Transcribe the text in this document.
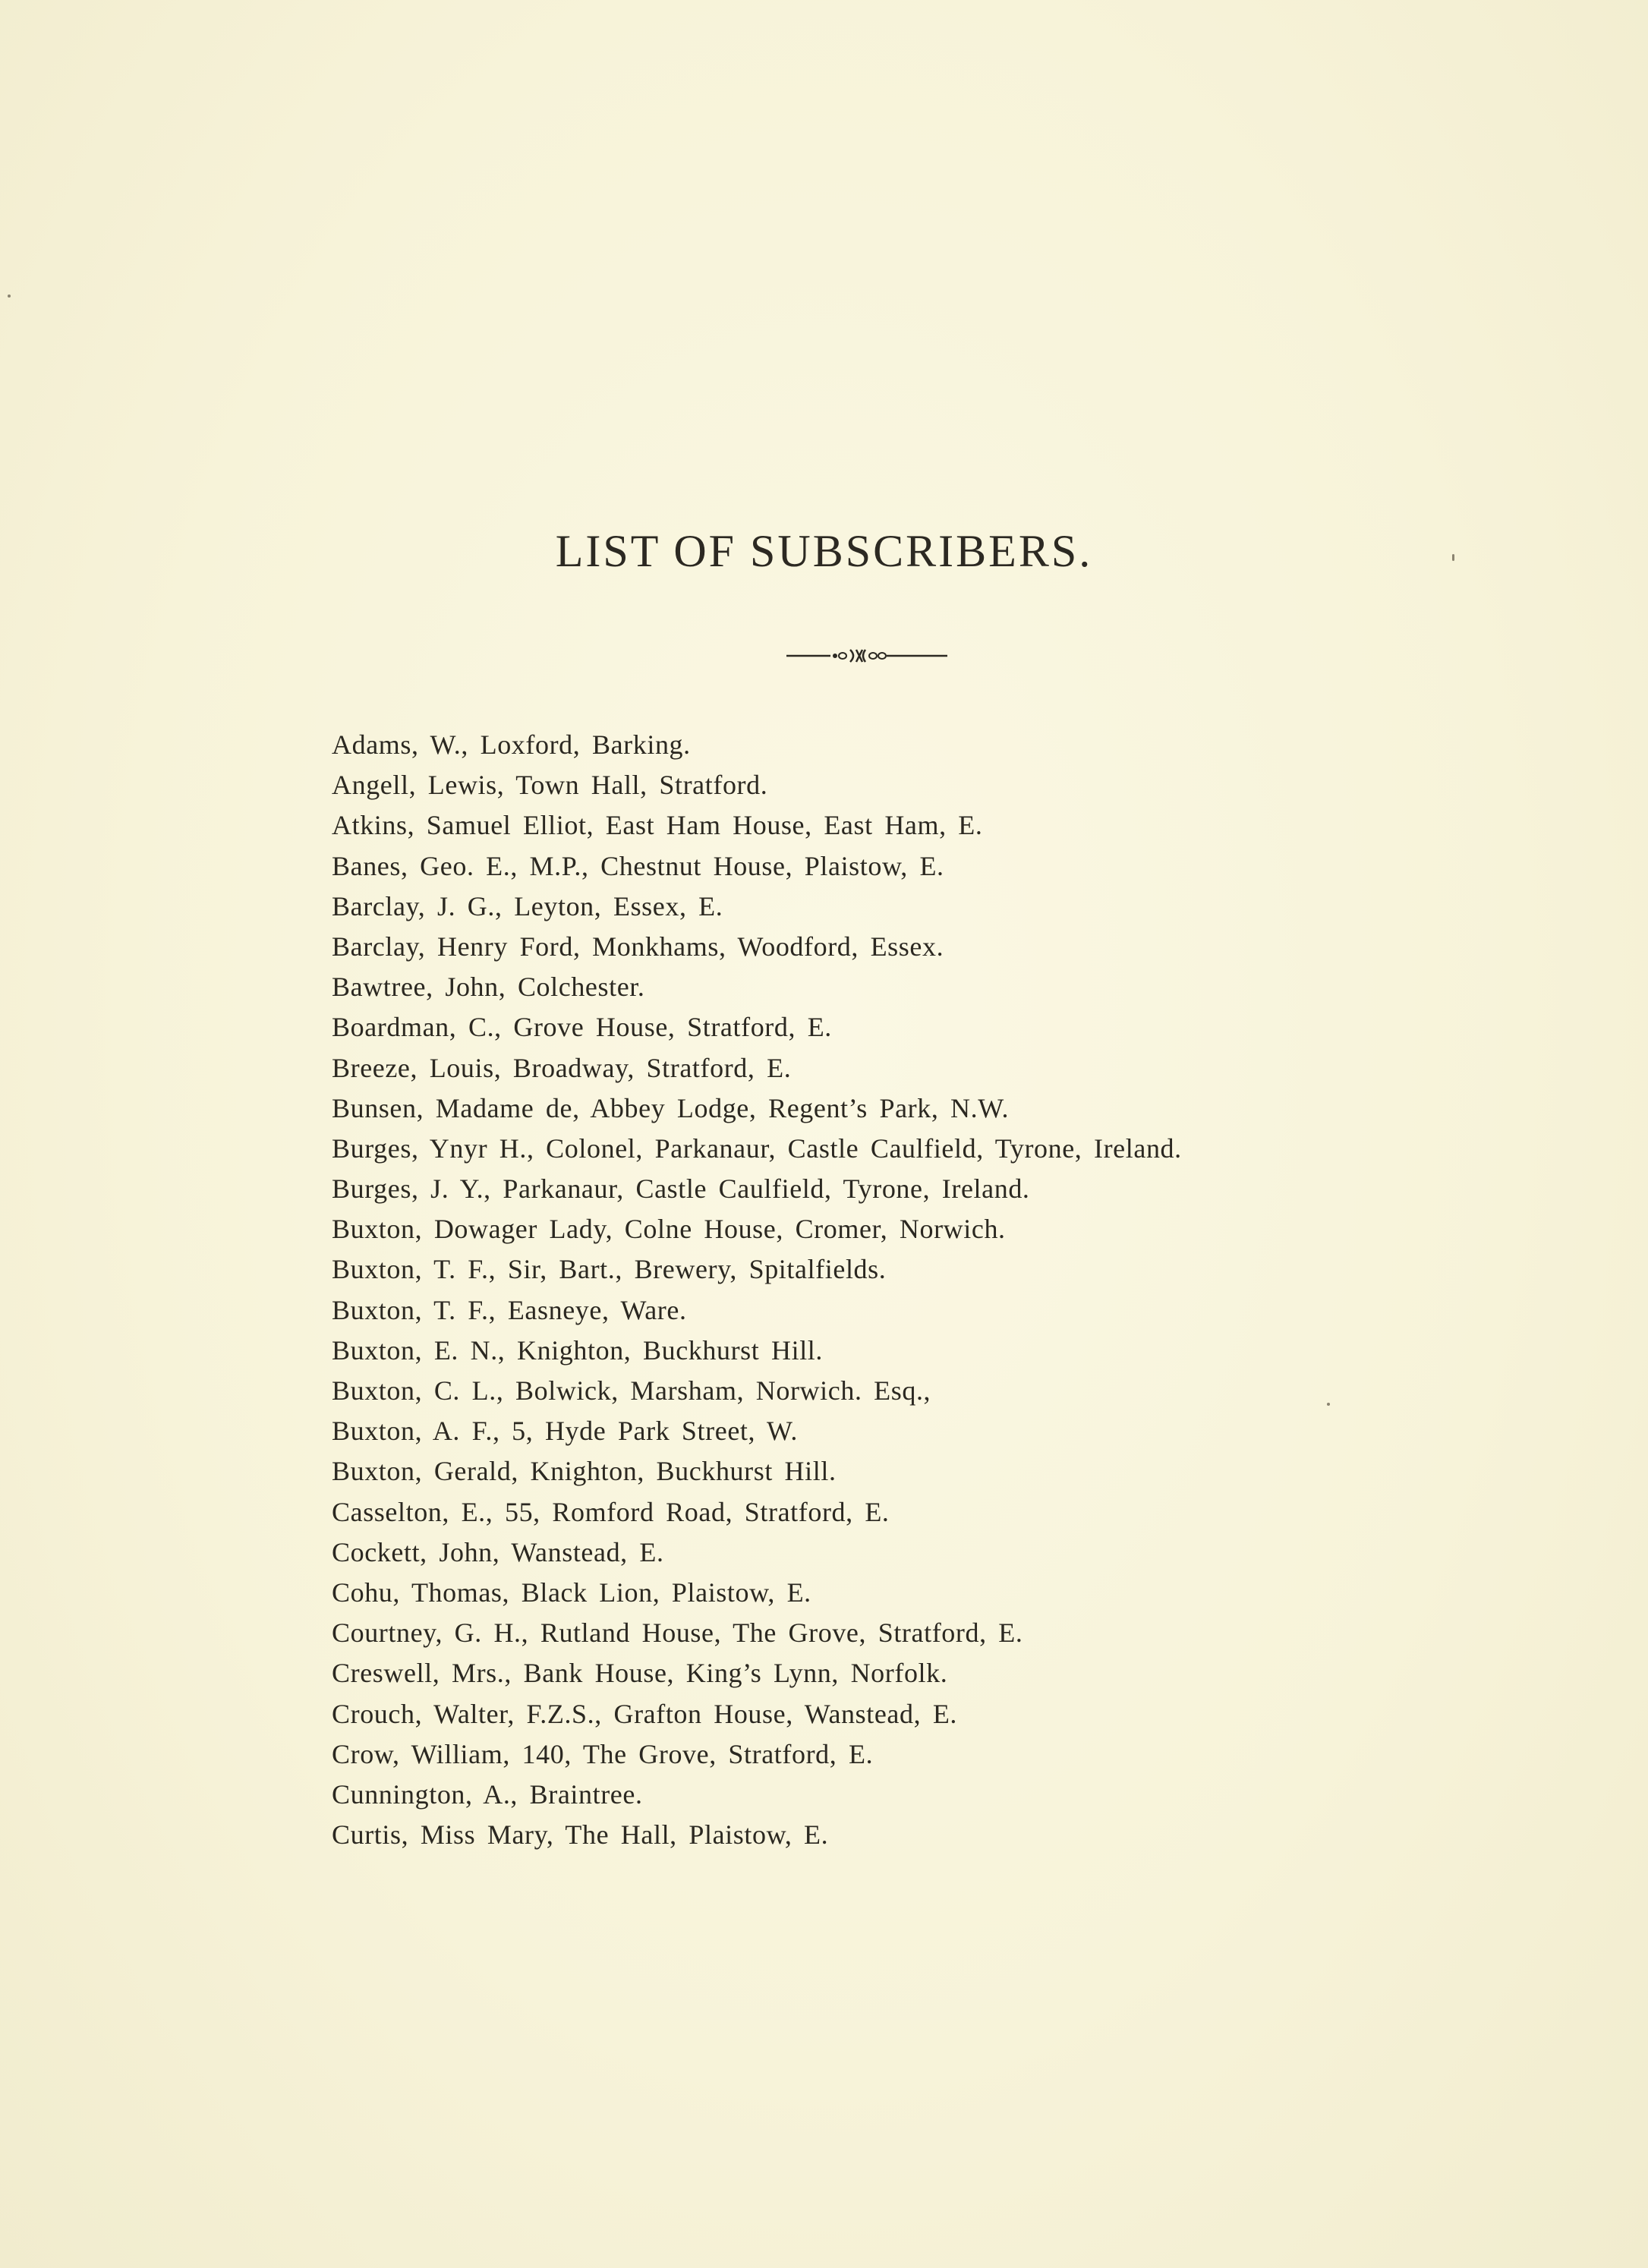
LIST OF SUBSCRIBERS.
Adams, W., Loxford, Barking.
Angell, Lewis, Town Hall, Stratford.
Atkins, Samuel Elliot, East Ham House, East Ham, E.
Banes, Geo. E., M.P., Chestnut House, Plaistow, E.
Barclay, J. G., Leyton, Essex, E.
Barclay, Henry Ford, Monkhams, Woodford, Essex.
Bawtree, John, Colchester.
Boardman, C., Grove House, Stratford, E.
Breeze, Louis, Broadway, Stratford, E.
Bunsen, Madame de, Abbey Lodge, Regent’s Park, N.W.
Burges, Ynyr H., Colonel, Parkanaur, Castle Caulfield, Tyrone, Ireland.
Burges, J. Y., Parkanaur, Castle Caulfield, Tyrone, Ireland.
Buxton, Dowager Lady, Colne House, Cromer, Norwich.
Buxton, T. F., Sir, Bart., Brewery, Spitalfields.
Buxton, T. F., Easneye, Ware.
Buxton, E. N., Knighton, Buckhurst Hill.
Buxton, C. L., Bolwick, Marsham, Norwich. Esq.,
Buxton, A. F., 5, Hyde Park Street, W.
Buxton, Gerald, Knighton, Buckhurst Hill.
Casselton, E., 55, Romford Road, Stratford, E.
Cockett, John, Wanstead, E.
Cohu, Thomas, Black Lion, Plaistow, E.
Courtney, G. H., Rutland House, The Grove, Stratford, E.
Creswell, Mrs., Bank House, King’s Lynn, Norfolk.
Crouch, Walter, F.Z.S., Grafton House, Wanstead, E.
Crow, William, 140, The Grove, Stratford, E.
Cunnington, A., Braintree.
Curtis, Miss Mary, The Hall, Plaistow, E.
